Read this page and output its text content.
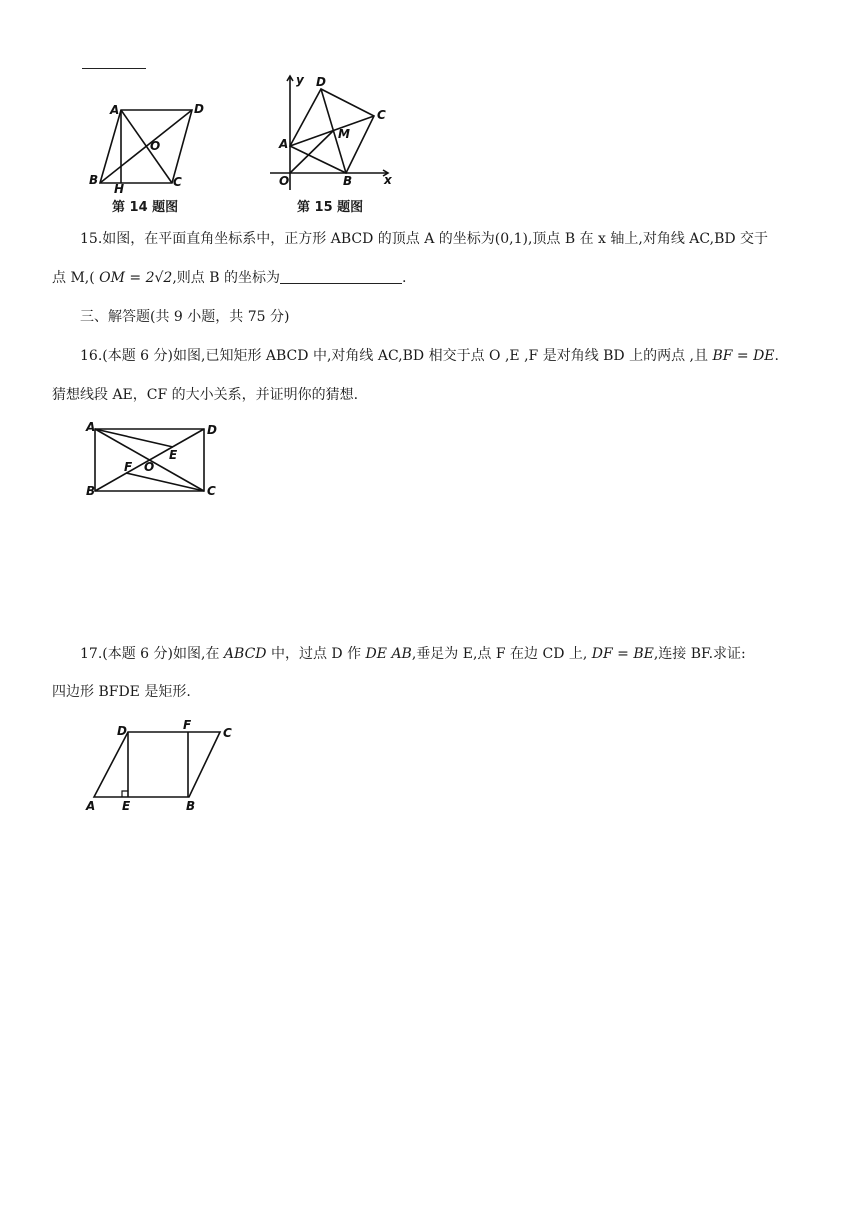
A	D
O
B
H	C
第 14 题图
y D
C
M
A
O	B	x
第 15 题图
15.如图，在平面直角坐标系中，正方形 ABCD 的顶点 A 的坐标为(0,1),顶点 B 在 x 轴上,对角线 AC,BD 交于
点 M,( OM = 2√2,则点 B 的坐标为	.
三、解答题(共 9 小题，共 75 分)
16.(本题 6 分)如图,已知矩形 ABCD 中,对角线 AC,BD 相交于点 O ,E ,F 是对角线 BD 上的两点 ,且 BF = DE.
猜想线段 AE，CF 的大小关系，并证明你的猜想.
A	D
E
F O
B	C
17.(本题 6 分)如图,在 ABCD 中，过点 D 作 DE AB,垂足为 E,点 F 在边 CD 上, DF = BE,连接 BF.求证:
四边形 BFDE 是矩形.
D	F
C
A E	B
